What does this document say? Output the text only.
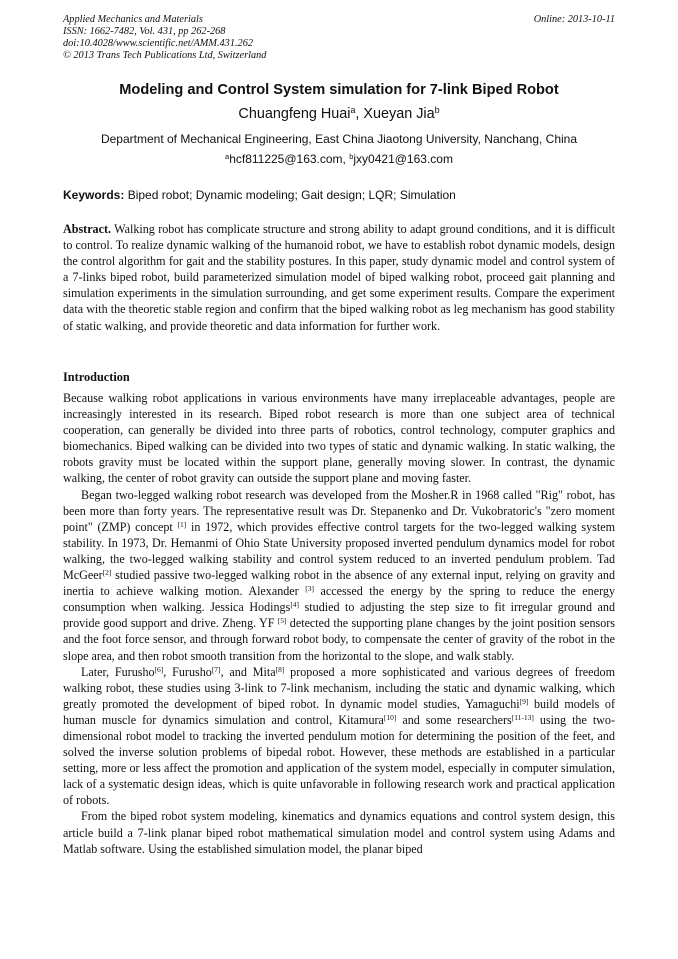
Applied Mechanics and Materials
ISSN: 1662-7482, Vol. 431, pp 262-268
doi:10.4028/www.scientific.net/AMM.431.262
© 2013 Trans Tech Publications Ltd, Switzerland
Online: 2013-10-11
Modeling and Control System simulation for 7-link Biped Robot
Chuangfeng Huai$^a$, Xueyan Jia$^b$
Department of Mechanical Engineering, East China Jiaotong University, Nanchang, China
$^a$hcf811225@163.com, $^b$jxy0421@163.com
Keywords: Biped robot; Dynamic modeling; Gait design; LQR; Simulation
Abstract. Walking robot has complicate structure and strong ability to adapt ground conditions, and it is difficult to control. To realize dynamic walking of the humanoid robot, we have to establish robot dynamic models, design the control algorithm for gait and the stability postures. In this paper, study dynamic model and control system of a 7-links biped robot, build parameterized simulation model of biped walking robot, proceed gait planning and simulation experiments in the simulation surrounding, and get some experiment results. Compare the experiment data with the theoretic stable region and confirm that the biped walking robot as leg mechanism has good stability of static walking, and provide theoretic and data information for further work.
Introduction

Because walking robot applications in various environments have many irreplaceable advantages, people are increasingly interested in its research. Biped robot research is more than one subject area of technical cooperation, can generally be divided into three parts of robotics, control technology, computer graphics and biomechanics. Biped walking can be divided into two types of static and dynamic walking. In static walking, the robots gravity must be located within the support plane, generally moving slower. In contrast, the dynamic walking, the center of robot gravity can outside the support plane and moving faster.

Began two-legged walking robot research was developed from the Mosher.R in 1968 called "Rig" robot, has been more than forty years. The representative result was Dr. Stepanenko and Dr. Vukobratoric's "zero moment point" (ZMP) concept [1] in 1972, which provides effective control targets for the two-legged walking system stability. In 1973, Dr. Hemanmi of Ohio State University proposed inverted pendulum dynamics model for robot walking, the two-legged walking stability and control system reduced to an inverted pendulum problem. Tad McGeer[2] studied passive two-legged walking robot in the absence of any external input, relying on gravity and inertia to achieve walking motion. Alexander [3] accessed the energy by the spring to reduce the energy consumption when walking. Jessica Hodings[4] studied to adjusting the step size to fit irregular ground and provide good support and drive. Zheng. YF [5] detected the supporting plane changes by the joint position sensors and the foot force sensor, and through forward robot body, to compensate the center of gravity of the robot in the slope area, and then robot smooth transition from the horizontal to the slope, and walk stably.

Later, Furusho[6], Furusho[7], and Mita[8] proposed a more sophisticated and various degrees of freedom walking robot, these studies using 3-link to 7-link mechanism, including the static and dynamic walking, which greatly promoted the development of biped robot. In dynamic model studies, Yamaguchi[9] build models of human muscle for dynamics simulation and control, Kitamura[10] and some researchers[11-13] using the two-dimensional robot model to tracking the inverted pendulum motion for determining the position of the feet, and solved the inverse solution problems of bipedal robot. However, these methods are established in a particular setting, more or less affect the promotion and application of the system model, especially in computer simulation, lack of a systematic design ideas, which is quite unfavorable in following research work and practical application of robots.

From the biped robot system modeling, kinematics and dynamics equations and control system design, this article build a 7-link planar biped robot mathematical simulation model and control system using Adams and Matlab software. Using the established simulation model, the planar biped
